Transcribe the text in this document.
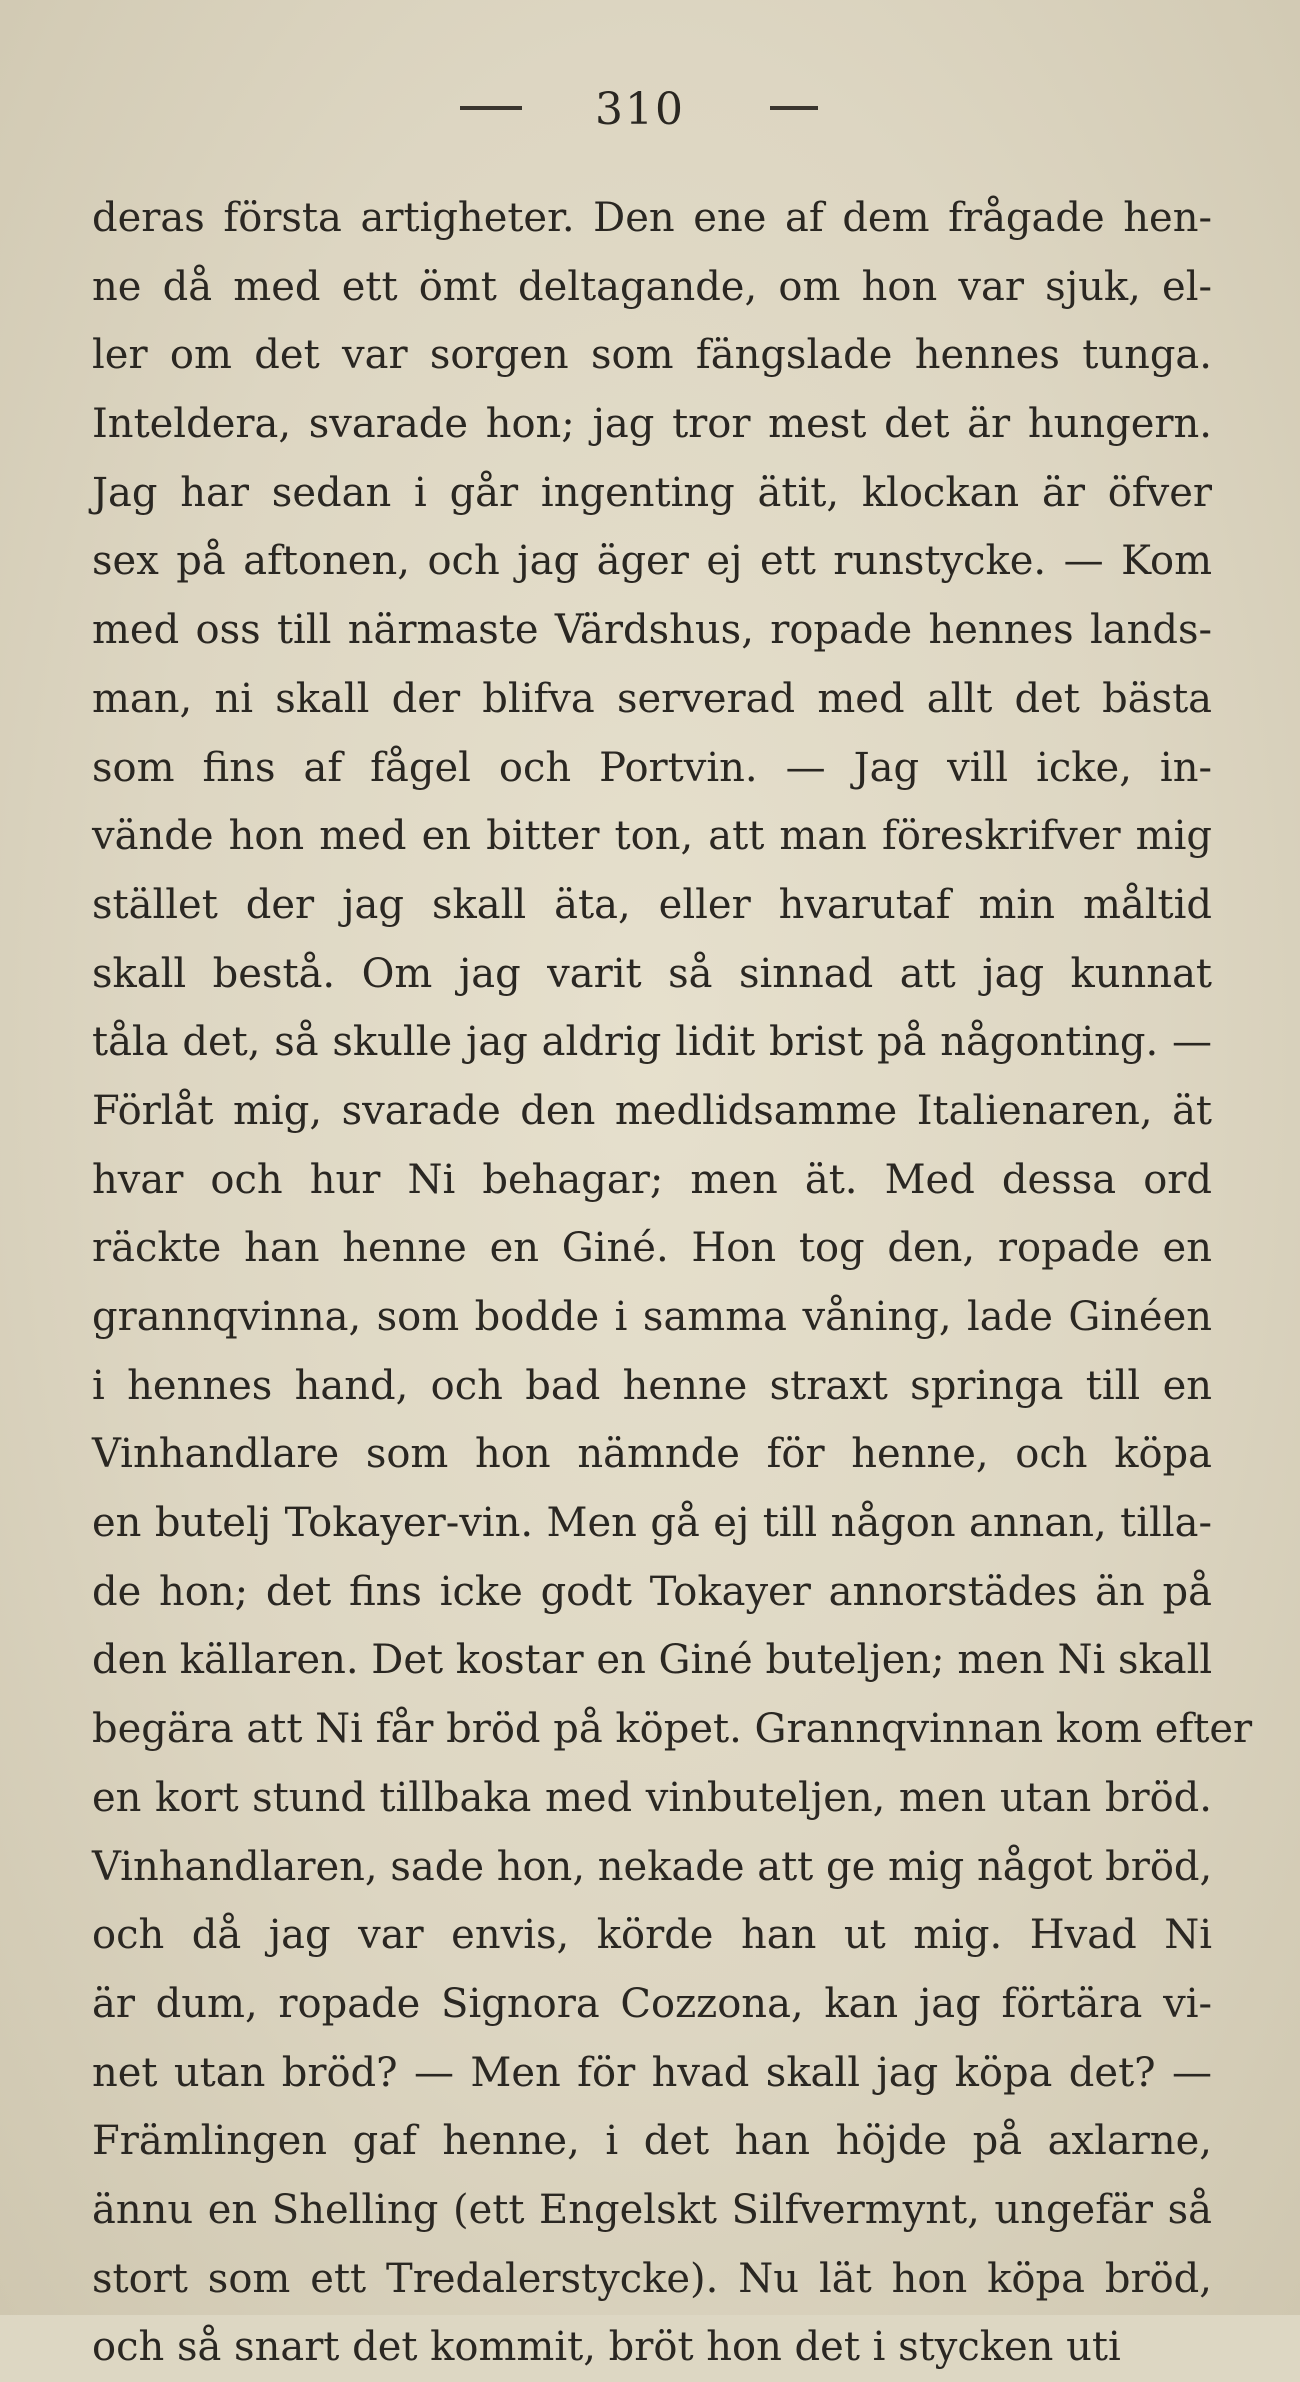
310
deras första artigheter. Den ene af dem frågade hen-
ne då med ett ömt deltagande, om hon var sjuk, el-
ler om det var sorgen som fängslade hennes tunga.
Inteldera, svarade hon; jag tror mest det är hungern.
Jag har sedan i går ingenting ätit, klockan är öfver
sex på aftonen, och jag äger ej ett runstycke. — Kom
med oss till närmaste Värdshus, ropade hennes lands-
man, ni skall der blifva serverad med allt det bästa
som fins af fågel och Portvin. — Jag vill icke, in-
vände hon med en bitter ton, att man föreskrifver mig
stället der jag skall äta, eller hvarutaf min måltid
skall bestå. Om jag varit så sinnad att jag kunnat
tåla det, så skulle jag aldrig lidit brist på någonting. —
Förlåt mig, svarade den medlidsamme Italienaren, ät
hvar och hur Ni behagar; men ät. Med dessa ord
räckte han henne en Giné. Hon tog den, ropade en
grannqvinna, som bodde i samma våning, lade Ginéen
i hennes hand, och bad henne straxt springa till en
Vinhandlare som hon nämnde för henne, och köpa
en butelj Tokayer-vin. Men gå ej till någon annan, tilla-
de hon; det fins icke godt Tokayer annorstädes än på
den källaren. Det kostar en Giné buteljen; men Ni skall
begära att Ni får bröd på köpet. Grannqvinnan kom efter
en kort stund tillbaka med vinbuteljen, men utan bröd.
Vinhandlaren, sade hon, nekade att ge mig något bröd,
och då jag var envis, körde han ut mig. Hvad Ni
är dum, ropade Signora Cozzona, kan jag förtära vi-
net utan bröd? — Men för hvad skall jag köpa det? —
Främlingen gaf henne, i det han höjde på axlarne,
ännu en Shelling (ett Engelskt Silfvermynt, ungefär så
stort som ett Tredalerstycke). Nu lät hon köpa bröd,
och så snart det kommit, bröt hon det i stycken uti
